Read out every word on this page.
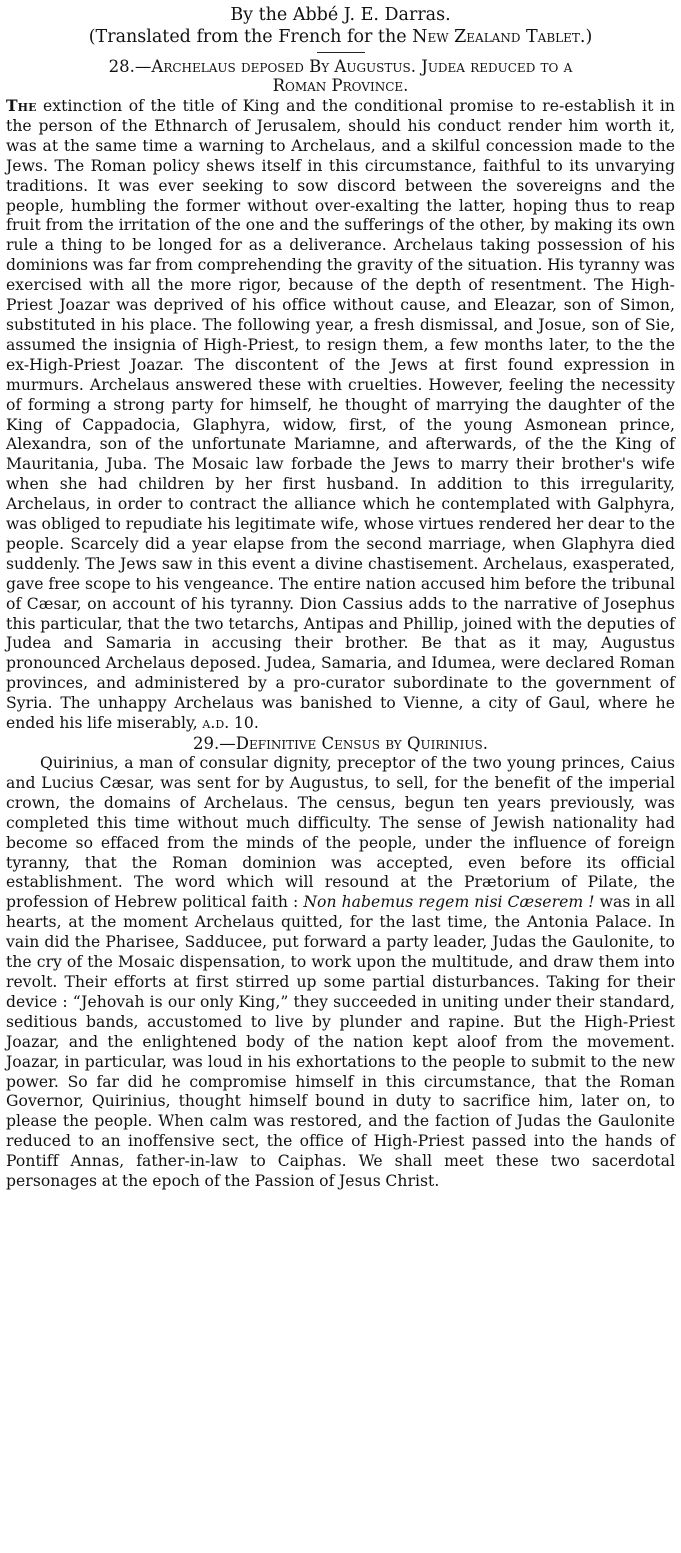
By the Abbé J. E. Darras.

(Translated from the French for the New Zealand Tablet.)

28.—Archelaus deposed By Augustus. Judea reduced to a

Roman Province.

The extinction of the title of King and the conditional promise to re-establish it in the person of the Ethnarch of Jerusalem, should his conduct render him worth it, was at the same time a warning to Archelaus, and a skilful concession made to the Jews. The Roman policy shews itself in this circumstance, faithful to its unvarying traditions. It was ever seeking to sow discord between the sovereigns and the people, humbling the former without over-exalting the latter, hoping thus to reap fruit from the irritation of the one and the sufferings of the other, by making its own rule a thing to be longed for as a deliverance. Archelaus taking possession of his dominions was far from comprehending the gravity of the situation. His tyranny was exercised with all the more rigor, because of the depth of resentment. The High-Priest Joazar was deprived of his office without cause, and Eleazar, son of Simon, substituted in his place. The following year, a fresh dismissal, and Josue, son of Sie, assumed the insignia of High-Priest, to resign them, a few months later, to the the ex-High-Priest Joazar. The discontent of the Jews at first found expression in murmurs. Archelaus answered these with cruelties. However, feeling the necessity of forming a strong party for himself, he thought of marrying the daughter of the King of Cappadocia, Glaphyra, widow, first, of the young Asmonean prince, Alexandra, son of the unfortunate Mariamne, and afterwards, of the the King of Mauritania, Juba. The Mosaic law forbade the Jews to marry their brother's wife when she had children by her first husband. In addition to this irregularity, Archelaus, in order to contract the alliance which he contemplated with Galphyra, was obliged to repudiate his legitimate wife, whose virtues rendered her dear to the people. Scarcely did a year elapse from the second marriage, when Glaphyra died suddenly. The Jews saw in this event a divine chastisement. Archelaus, exasperated, gave free scope to his vengeance. The entire nation accused him before the tribunal of Cæsar, on account of his tyranny. Dion Cassius adds to the narrative of Josephus this particular, that the two tetarchs, Antipas and Phillip, joined with the deputies of Judea and Samaria in accusing their brother. Be that as it may, Augustus pronounced Archelaus deposed. Judea, Samaria, and Idumea, were declared Roman provinces, and administered by a pro-curator subordinate to the government of Syria. The unhappy Archelaus was banished to Vienne, a city of Gaul, where he ended his life miserably, a.d. 10.

29.—Definitive Census by Quirinius.

Quirinius, a man of consular dignity, preceptor of the two young princes, Caius and Lucius Cæsar, was sent for by Augustus, to sell, for the benefit of the imperial crown, the domains of Archelaus. The census, begun ten years previously, was completed this time without much difficulty. The sense of Jewish nationality had become so effaced from the minds of the people, under the influence of foreign tyranny, that the Roman dominion was accepted, even before its official establishment. The word which will resound at the Prætorium of Pilate, the profession of Hebrew political faith : Non habemus regem nisi Cæserem ! was in all hearts, at the moment Archelaus quitted, for the last time, the Antonia Palace. In vain did the Pharisee, Sadducee, put forward a party leader, Judas the Gaulonite, to the cry of the Mosaic dispensation, to work upon the multitude, and draw them into revolt. Their efforts at first stirred up some partial disturbances. Taking for their device : “Jehovah is our only King,” they succeeded in uniting under their standard, seditious bands, accustomed to live by plunder and rapine. But the High-Priest Joazar, and the enlightened body of the nation kept aloof from the movement. Joazar, in particular, was loud in his exhortations to the people to submit to the new power. So far did he compromise himself in this circumstance, that the Roman Governor, Quirinius, thought himself bound in duty to sacrifice him, later on, to please the people. When calm was restored, and the faction of Judas the Gaulonite reduced to an inoffensive sect, the office of High-Priest passed into the hands of Pontiff Annas, father-in-law to Caiphas. We shall meet these two sacerdotal personages at the epoch of the Passion of Jesus Christ.
